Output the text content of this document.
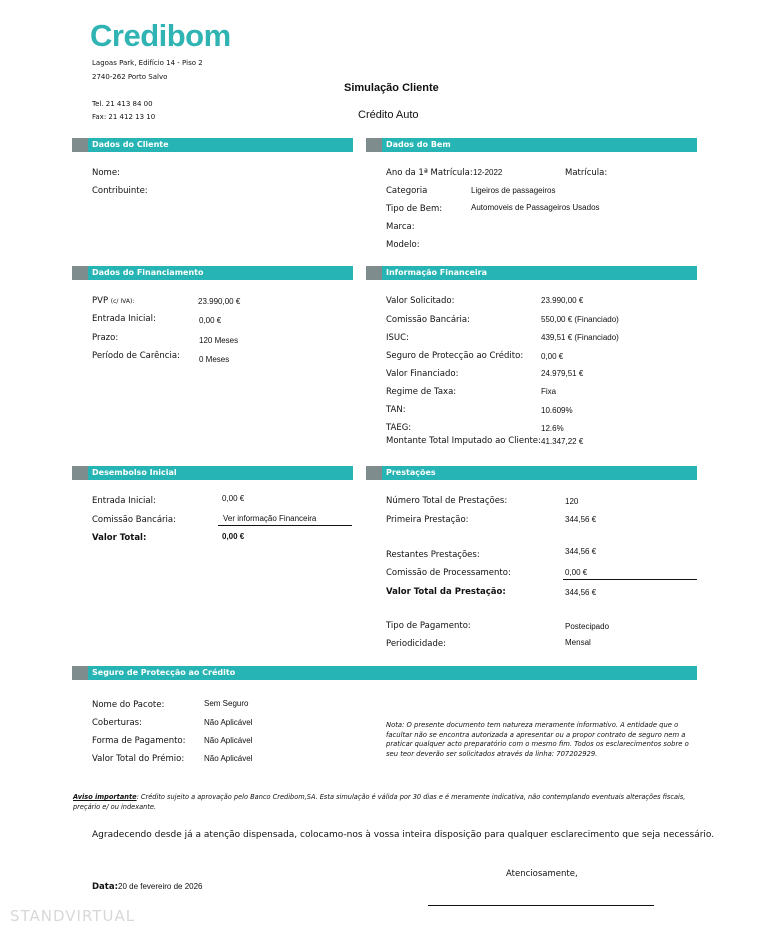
Credibom
Lagoas Park, Edifício 14 - Piso 2
2740-262 Porto Salvo
Tel. 21 413 84 00
Fax: 21 412 13 10
Simulação Cliente
Crédito Auto
Dados do Cliente
Nome:
Contribuinte:
Dados do Bem
Ano da 1ª Matrícula: 12-2022	Matrícula:
Categoria	Ligeiros de passageiros
Tipo de Bem:	Automoveis de Passageiros Usados
Marca:
Modelo:
Dados do Financiamento
PVP (c/ IVA):	23.990,00 €
Entrada Inicial:	0,00 €
Prazo:	120 Meses
Período de Carência: 0 Meses
Informação Financeira
Valor Solicitado:	23.990,00 €
Comissão Bancária:	550,00 € (Financiado)
ISUC:	439,51 € (Financiado)
Seguro de Protecção ao Crédito: 0,00 €
Valor Financiado:	24.979,51 €
Regime de Taxa:	Fixa
TAN:	10.609%
TAEG:	12.6%
Montante Total Imputado ao Cliente: 41.347,22 €
Desembolso Inicial
Entrada Inicial:	0,00 €
Comissão Bancária:	Ver informação Financeira
Valor Total:	0,00 €
Prestações
Número Total de Prestações:	120
Primeira Prestação:	344,56 €
Restantes Prestações:	344,56 €
Comissão de Processamento:	0,00 €
Valor Total da Prestação:	344,56 €
Tipo de Pagamento:	Postecipado
Periodicidade:	Mensal
Seguro de Protecção ao Crédito
Nome do Pacote:	Sem Seguro
Coberturas:	Não Aplicável
Forma de Pagamento: Não Aplicável
Valor Total do Prémio: Não Aplicável
Nota: O presente documento tem natureza meramente informativo. A entidade que o facultar não se encontra autorizada a apresentar ou a propor contrato de seguro nem a praticar qualquer acto preparatório com o mesmo fim. Todos os esclarecimentos sobre o seu teor deverão ser solicitados através da linha: 707202929.
Aviso importante: Crédito sujeito a aprovação pelo Banco Credibom,SA. Esta simulação é válida por 30 dias e é meramente indicativa, não contemplando eventuais alterações fiscais, preçário e/ ou indexante.
Agradecendo desde já a atenção dispensada, colocamo-nos à vossa inteira disposição para qualquer esclarecimento que seja necessário.
Atenciosamente,
Data: 20 de fevereiro de 2026
STANDVIRTUAL
